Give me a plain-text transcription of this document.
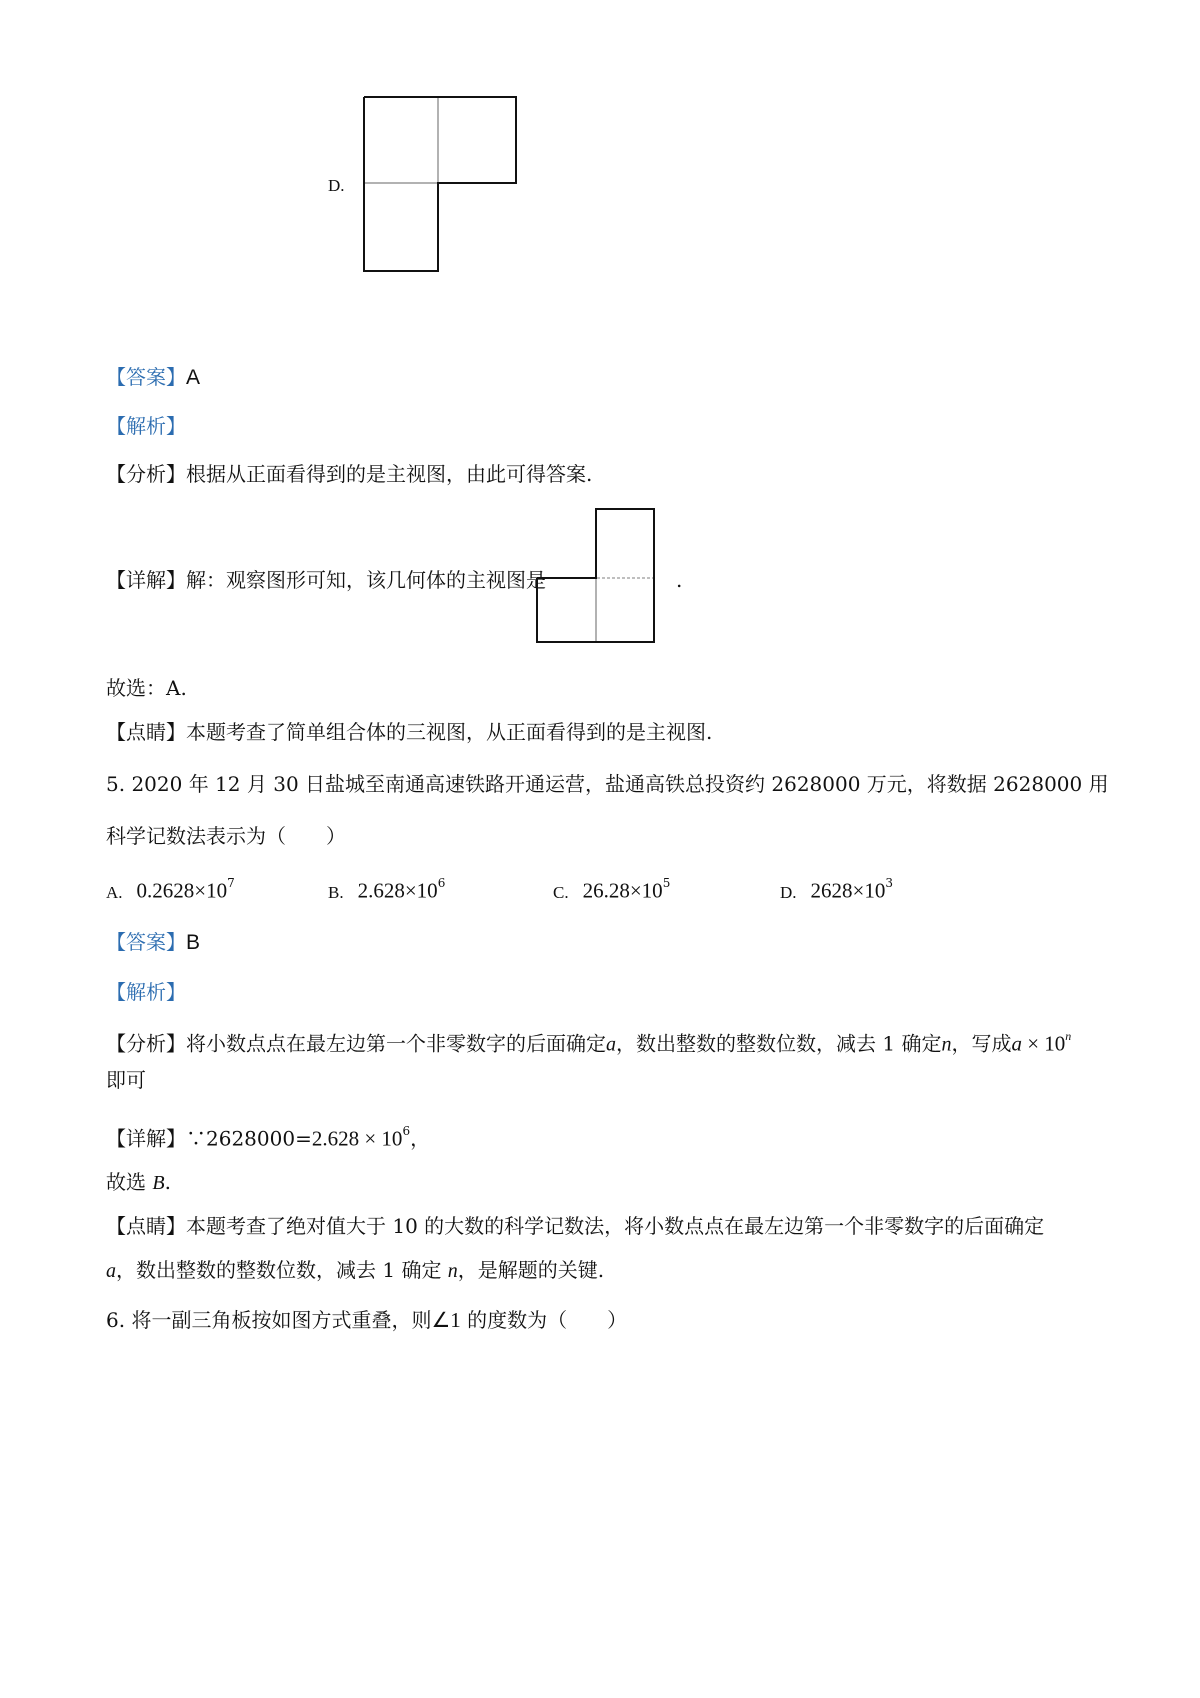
D.
【答案】A
【解析】
【分析】根据从正面看得到的是主视图，由此可得答案.
【详解】解：观察图形可知，该几何体的主视图是	.
故选：A.
【点睛】本题考查了简单组合体的三视图，从正面看得到的是主视图.
5. 2020 年 12 月 30 日盐城至南通高速铁路开通运营，盐通高铁总投资约 2628000 万元，将数据 2628000 用
科学记数法表示为（　　）
A. $0.2628\times 10^7$	B. $2.628\times 10^6$	C. $26.28\times 10^5$	D. $2628\times 10^3$
【答案】B
【解析】
【分析】将小数点点在最左边第一个非零数字的后面确定a，数出整数的整数位数，减去 1 确定n，写成$a \times 10^n$
即可
【详解】∵2628000=2.628 × $10^6$，
故选 B.
【点睛】本题考查了绝对值大于 10 的大数的科学记数法，将小数点点在最左边第一个非零数字的后面确定
a，数出整数的整数位数，减去 1 确定 n，是解题的关键.
6. 将一副三角板按如图方式重叠，则∠1 的度数为（　　）
